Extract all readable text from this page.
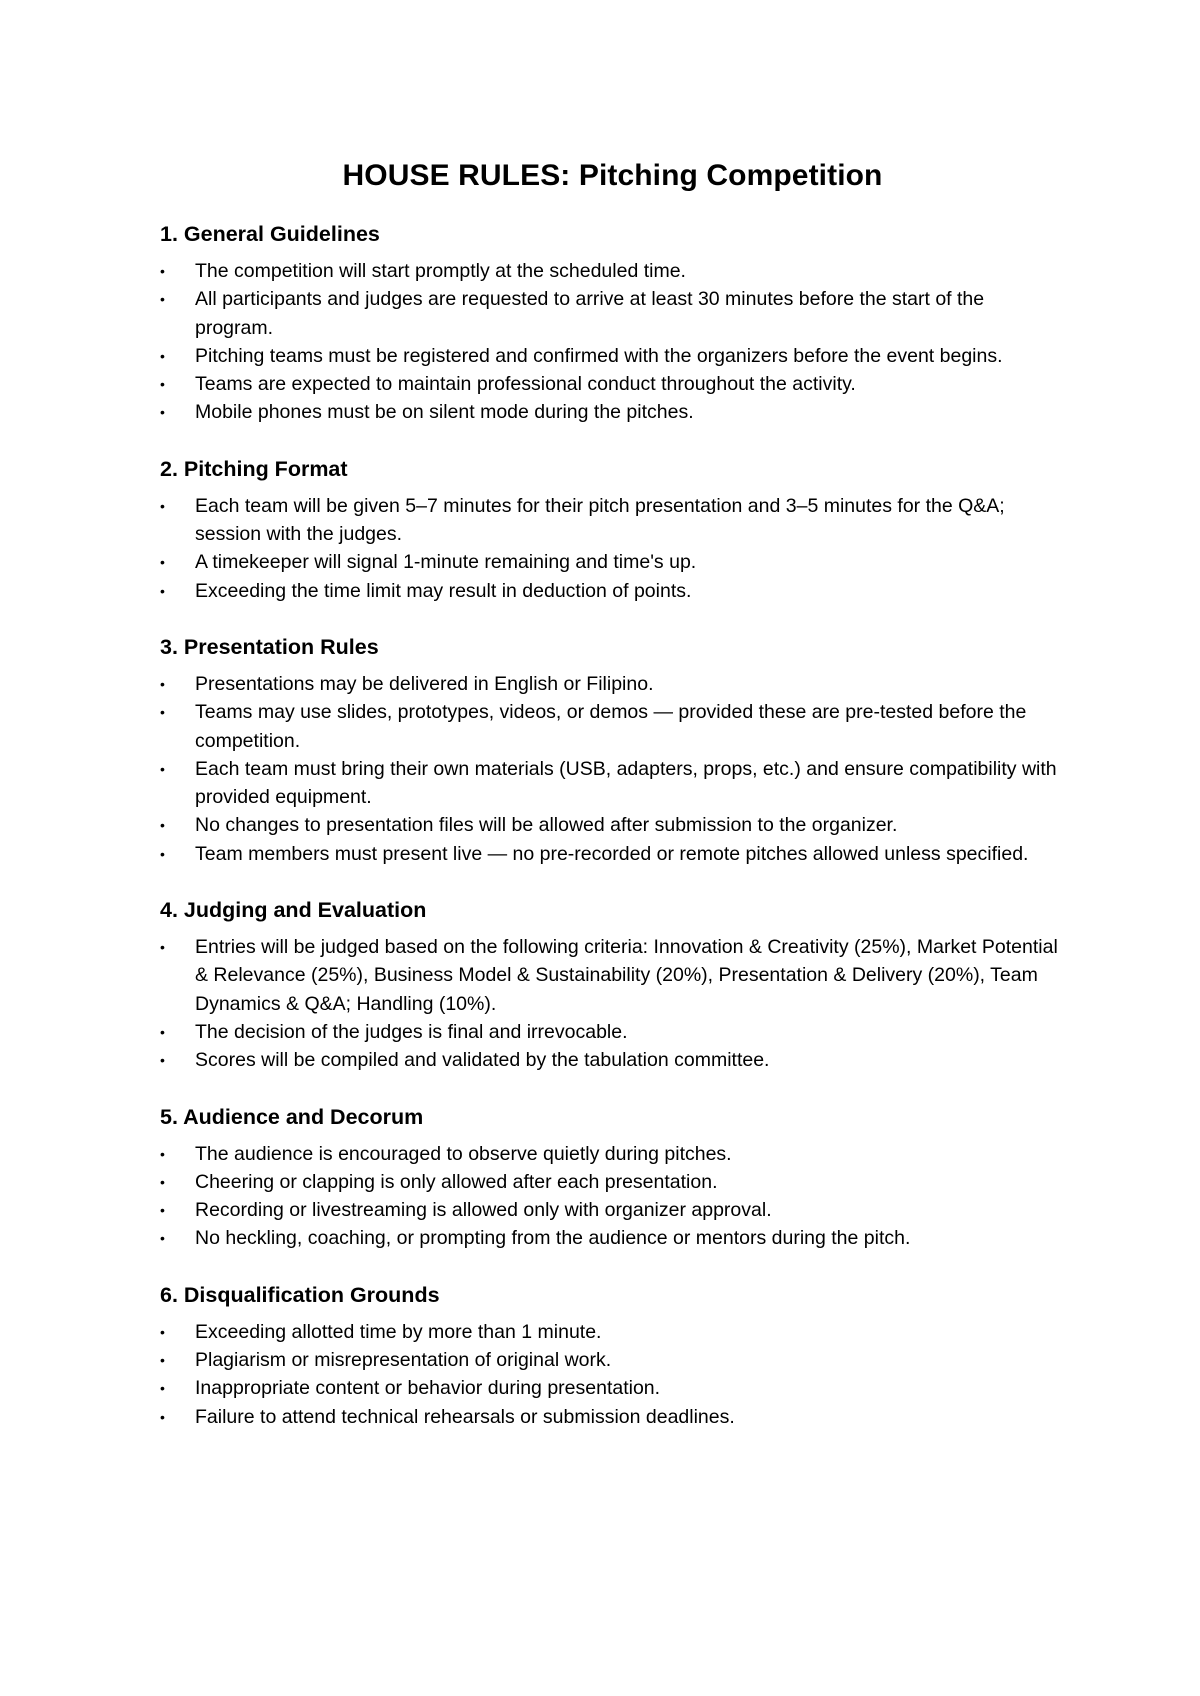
HOUSE RULES: Pitching Competition
1. General Guidelines
•	The competition will start promptly at the scheduled time.
•	All participants and judges are requested to arrive at least 30 minutes before the start of the program.
•	Pitching teams must be registered and confirmed with the organizers before the event begins.
•	Teams are expected to maintain professional conduct throughout the activity.
•	Mobile phones must be on silent mode during the pitches.
2. Pitching Format
•	Each team will be given 5–7 minutes for their pitch presentation and 3–5 minutes for the Q&A; session with the judges.
•	A timekeeper will signal 1-minute remaining and time's up.
•	Exceeding the time limit may result in deduction of points.
3. Presentation Rules
•	Presentations may be delivered in English or Filipino.
•	Teams may use slides, prototypes, videos, or demos — provided these are pre-tested before the competition.
•	Each team must bring their own materials (USB, adapters, props, etc.) and ensure compatibility with provided equipment.
•	No changes to presentation files will be allowed after submission to the organizer.
•	Team members must present live — no pre-recorded or remote pitches allowed unless specified.
4. Judging and Evaluation
•	Entries will be judged based on the following criteria: Innovation & Creativity (25%), Market Potential & Relevance (25%), Business Model & Sustainability (20%), Presentation & Delivery (20%), Team Dynamics & Q&A; Handling (10%).
•	The decision of the judges is final and irrevocable.
•	Scores will be compiled and validated by the tabulation committee.
5. Audience and Decorum
•	The audience is encouraged to observe quietly during pitches.
•	Cheering or clapping is only allowed after each presentation.
•	Recording or livestreaming is allowed only with organizer approval.
•	No heckling, coaching, or prompting from the audience or mentors during the pitch.
6. Disqualification Grounds
•	Exceeding allotted time by more than 1 minute.
•	Plagiarism or misrepresentation of original work.
•	Inappropriate content or behavior during presentation.
•	Failure to attend technical rehearsals or submission deadlines.
